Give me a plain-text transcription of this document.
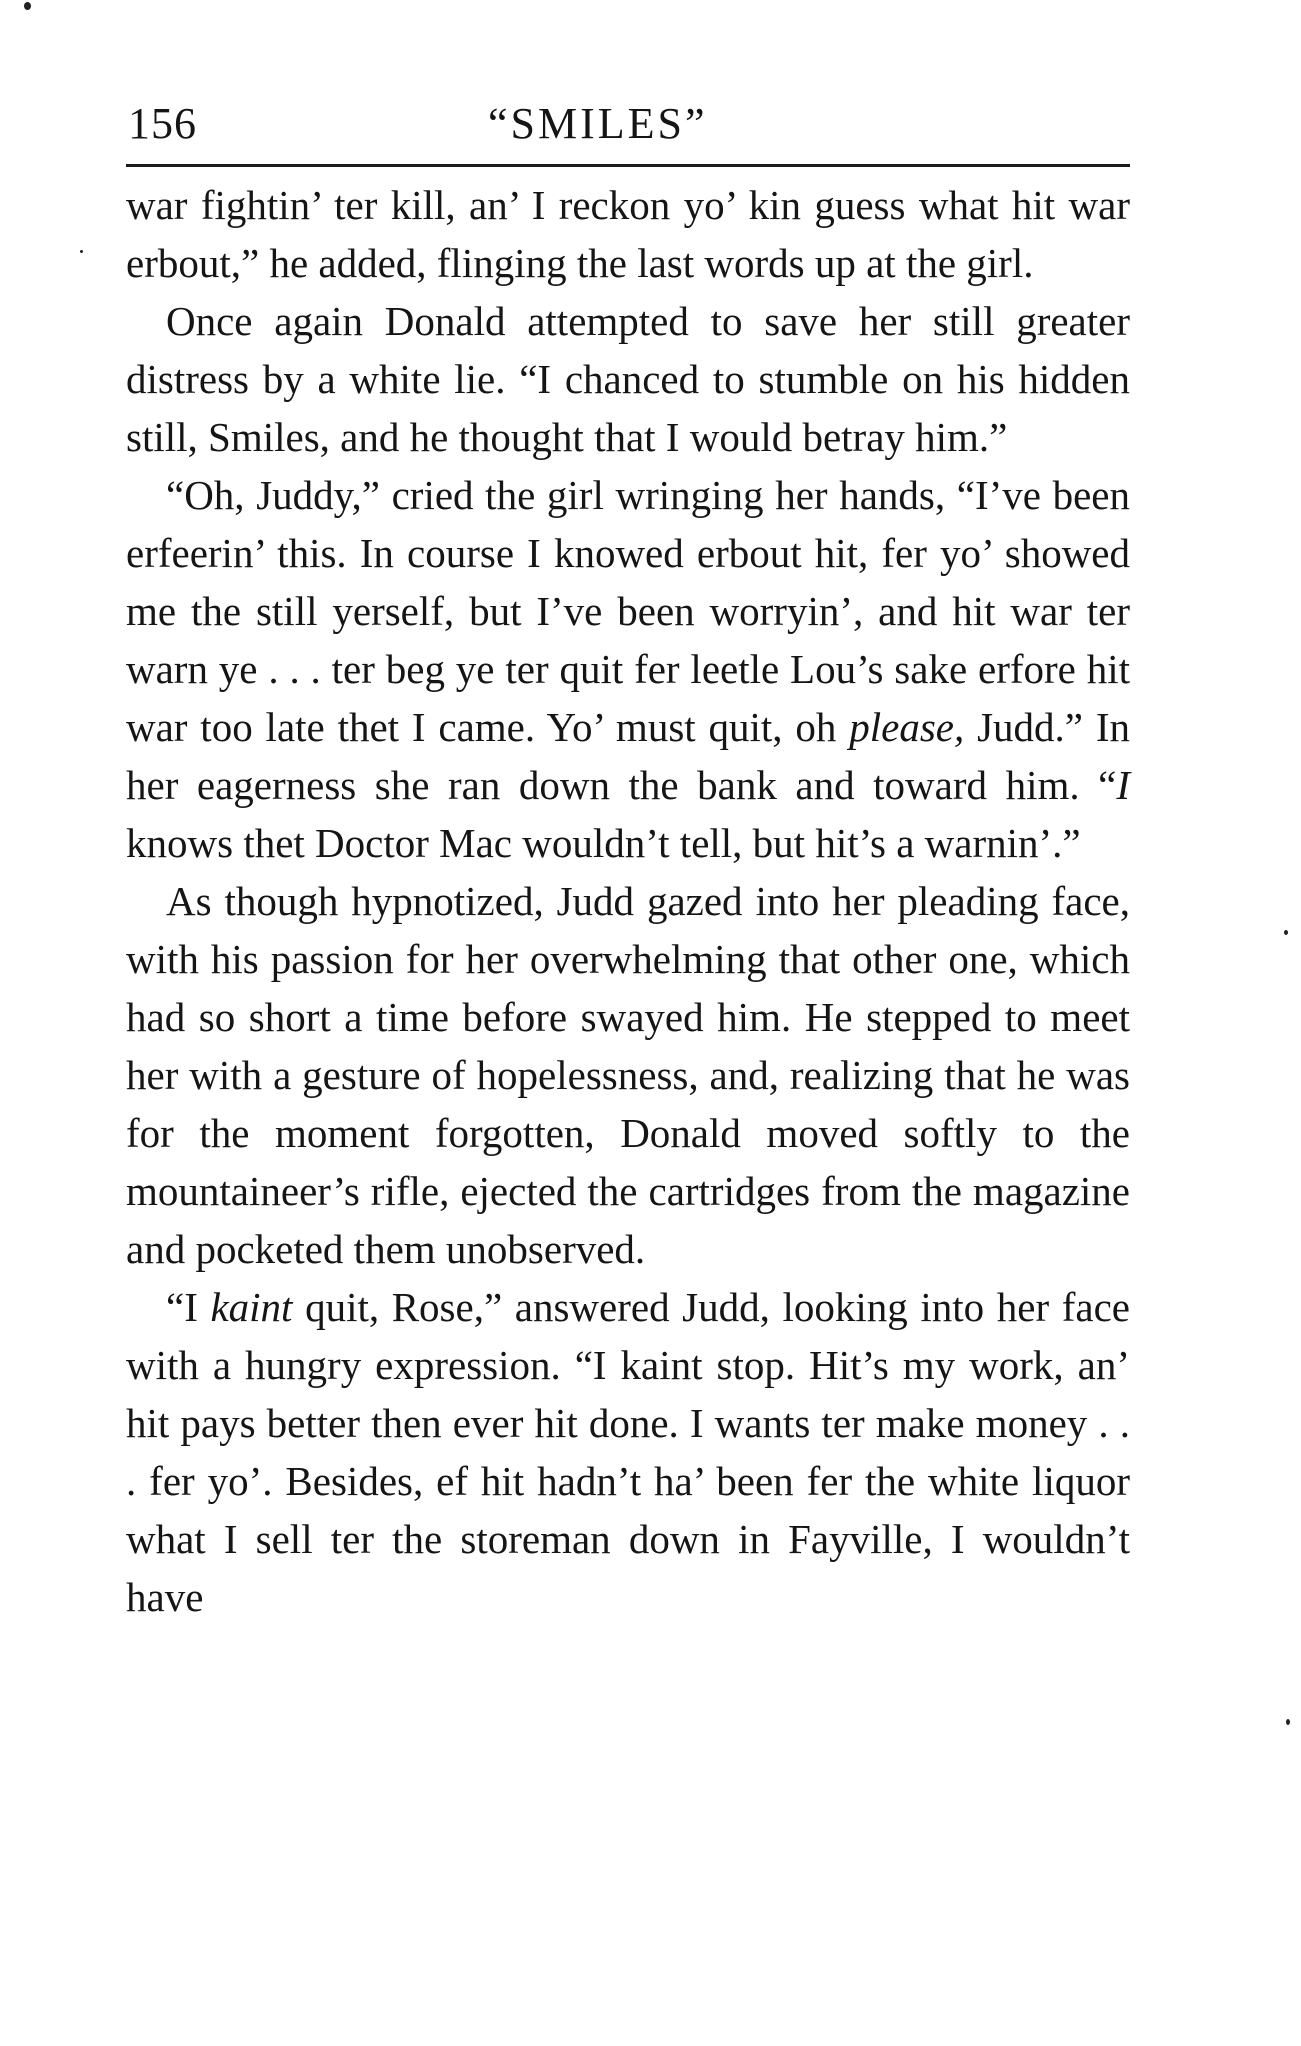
156	“SMILES”

war fightin’ ter kill, an’ I reckon yo’ kin guess what hit war erbout,” he added, flinging the last words up at the girl.

Once again Donald attempted to save her still greater distress by a white lie. “I chanced to stumble on his hidden still, Smiles, and he thought that I would betray him.”

“Oh, Juddy,” cried the girl wringing her hands, “I’ve been erfeerin’ this. In course I knowed erbout hit, fer yo’ showed me the still yerself, but I’ve been worryin’, and hit war ter warn ye . . . ter beg ye ter quit fer leetle Lou’s sake erfore hit war too late thet I came. Yo’ must quit, oh please, Judd.” In her eagerness she ran down the bank and toward him. “I knows thet Doctor Mac wouldn’t tell, but hit’s a warnin’.”

As though hypnotized, Judd gazed into her pleading face, with his passion for her overwhelming that other one, which had so short a time before swayed him. He stepped to meet her with a gesture of hopelessness, and, realizing that he was for the moment forgotten, Donald moved softly to the mountaineer’s rifle, ejected the cartridges from the magazine and pocketed them unobserved.

“I kaint quit, Rose,” answered Judd, looking into her face with a hungry expression. “I kaint stop. Hit’s my work, an’ hit pays better then ever hit done. I wants ter make money . . . fer yo’. Besides, ef hit hadn’t ha’ been fer the white liquor what I sell ter the storeman down in Fayville, I wouldn’t have
